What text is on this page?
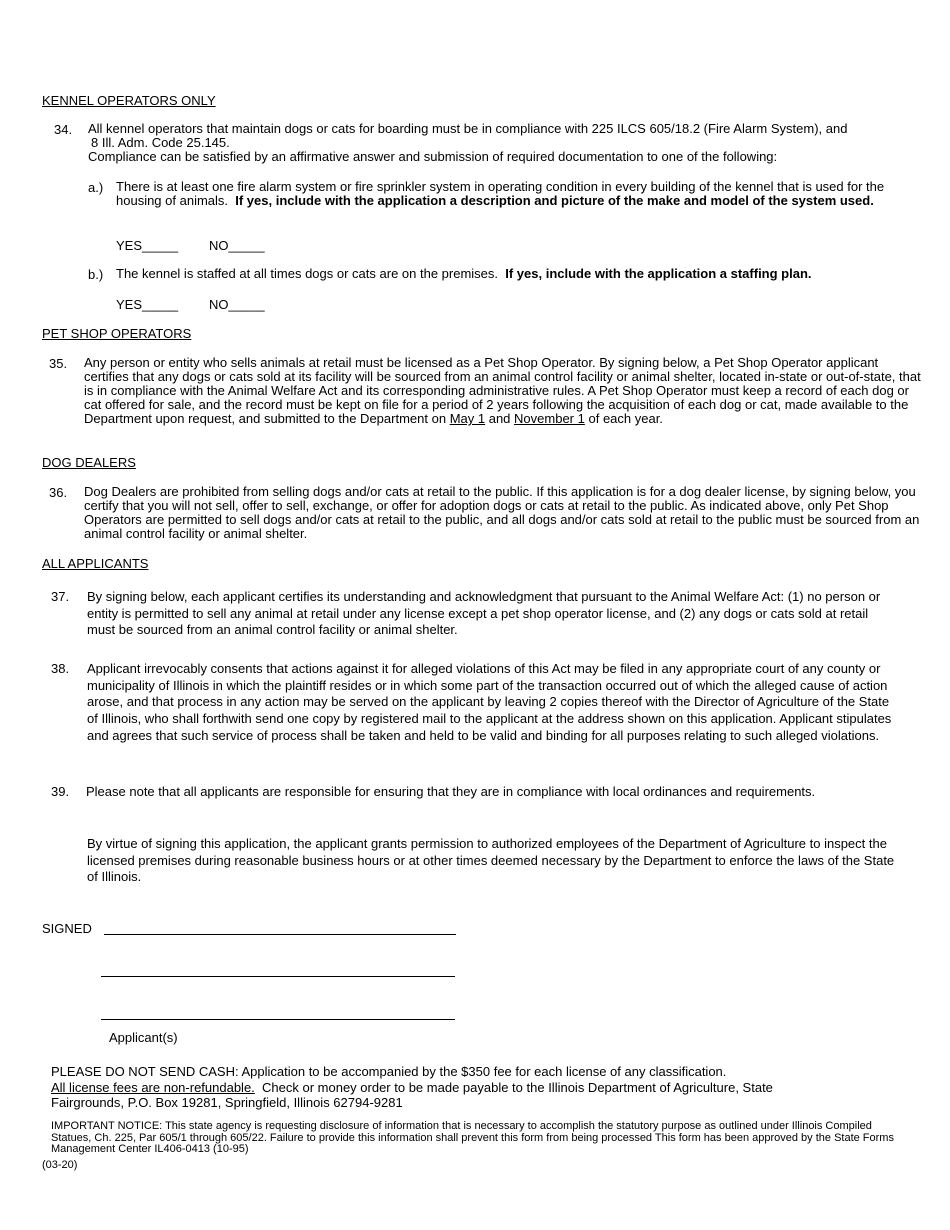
KENNEL OPERATORS ONLY
34. All kennel operators that maintain dogs or cats for boarding must be in compliance with 225 ILCS 605/18.2 (Fire Alarm System), and
8 Ill. Adm. Code 25.145.
Compliance can be satisfied by an affirmative answer and submission of required documentation to one of the following:
a.) There is at least one fire alarm system or fire sprinkler system in operating condition in every building of the kennel that is used for the housing of animals. If yes, include with the application a description and picture of the make and model of the system used.
YES_____ NO_____
b.) The kennel is staffed at all times dogs or cats are on the premises. If yes, include with the application a staffing plan.
YES_____ NO_____
PET SHOP OPERATORS
35. Any person or entity who sells animals at retail must be licensed as a Pet Shop Operator. By signing below, a Pet Shop Operator applicant certifies that any dogs or cats sold at its facility will be sourced from an animal control facility or animal shelter, located in-state or out-of-state, that is in compliance with the Animal Welfare Act and its corresponding administrative rules. A Pet Shop Operator must keep a record of each dog or cat offered for sale, and the record must be kept on file for a period of 2 years following the acquisition of each dog or cat, made available to the Department upon request, and submitted to the Department on May 1 and November 1 of each year.
DOG DEALERS
36. Dog Dealers are prohibited from selling dogs and/or cats at retail to the public. If this application is for a dog dealer license, by signing below, you certify that you will not sell, offer to sell, exchange, or offer for adoption dogs or cats at retail to the public. As indicated above, only Pet Shop Operators are permitted to sell dogs and/or cats at retail to the public, and all dogs and/or cats sold at retail to the public must be sourced from an animal control facility or animal shelter.
ALL APPLICANTS
37. By signing below, each applicant certifies its understanding and acknowledgment that pursuant to the Animal Welfare Act: (1) no person or entity is permitted to sell any animal at retail under any license except a pet shop operator license, and (2) any dogs or cats sold at retail must be sourced from an animal control facility or animal shelter.
38. Applicant irrevocably consents that actions against it for alleged violations of this Act may be filed in any appropriate court of any county or municipality of Illinois in which the plaintiff resides or in which some part of the transaction occurred out of which the alleged cause of action arose, and that process in any action may be served on the applicant by leaving 2 copies thereof with the Director of Agriculture of the State of Illinois, who shall forthwith send one copy by registered mail to the applicant at the address shown on this application. Applicant stipulates and agrees that such service of process shall be taken and held to be valid and binding for all purposes relating to such alleged violations.
39. Please note that all applicants are responsible for ensuring that they are in compliance with local ordinances and requirements.
By virtue of signing this application, the applicant grants permission to authorized employees of the Department of Agriculture to inspect the licensed premises during reasonable business hours or at other times deemed necessary by the Department to enforce the laws of the State of Illinois.
SIGNED
Applicant(s)
PLEASE DO NOT SEND CASH: Application to be accompanied by the $350 fee for each license of any classification.
All license fees are non-refundable. Check or money order to be made payable to the Illinois Department of Agriculture, State
Fairgrounds, P.O. Box 19281, Springfield, Illinois 62794-9281
IMPORTANT NOTICE: This state agency is requesting disclosure of information that is necessary to accomplish the statutory purpose as outlined under Illinois Compiled Statues, Ch. 225, Par 605/1 through 605/22. Failure to provide this information shall prevent this form from being processed This form has been approved by the State Forms Management Center IL406-0413 (10-95)
(03-20)
